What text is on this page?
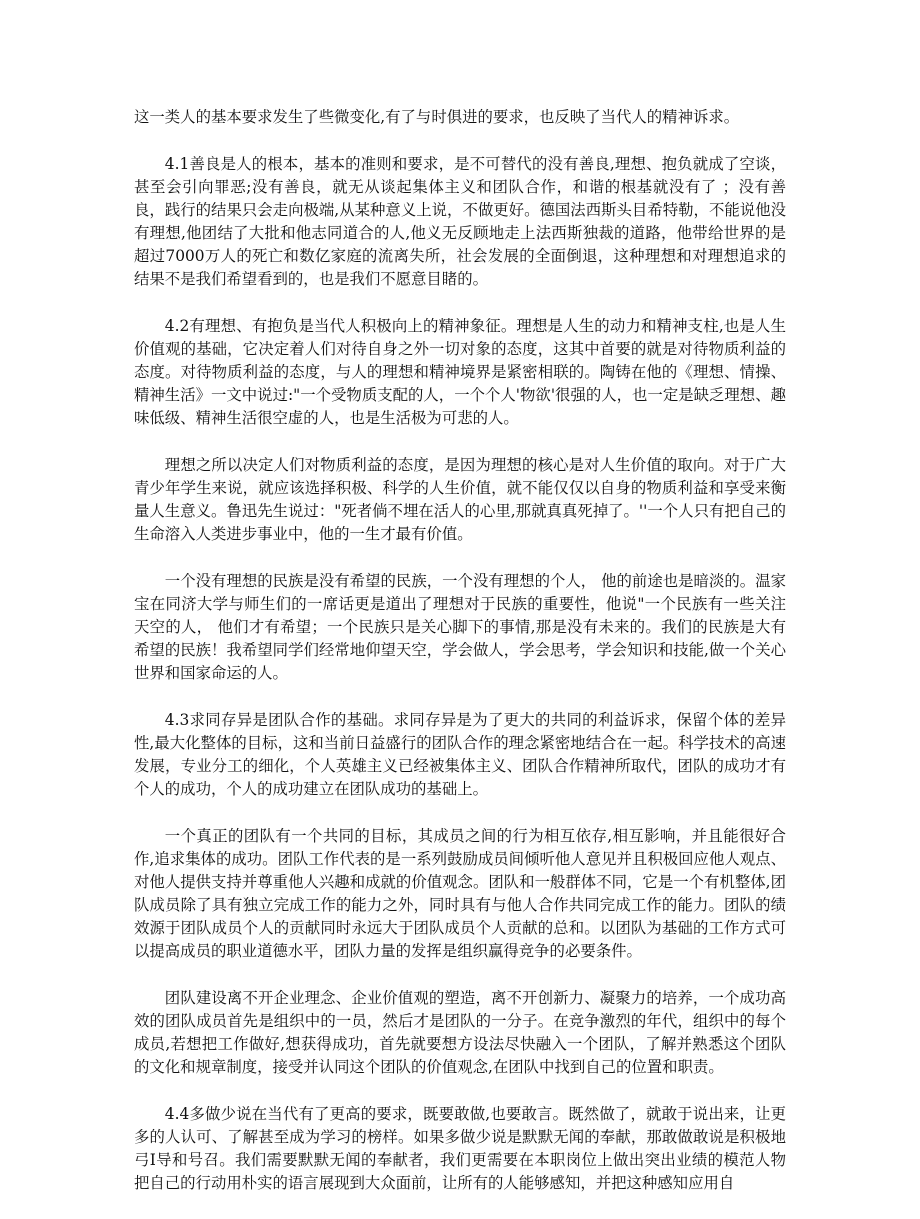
这一类人的基本要求发生了些微变化,有了与时俱进的要求，也反映了当代人的精神诉求。

4.1善良是人的根本，基本的准则和要求，是不可替代的没有善良,理想、抱负就成了空谈，甚至会引向罪恶;没有善良，就无从谈起集体主义和团队合作，和谐的根基就没有了 ；没有善良，践行的结果只会走向极端,从某种意义上说，不做更好。德国法西斯头目希特勒，不能说他没有理想,他团结了大批和他志同道合的人,他义无反顾地走上法西斯独裁的道路，他带给世界的是超过7000万人的死亡和数亿家庭的流离失所，社会发展的全面倒退，这种理想和对理想追求的结果不是我们希望看到的，也是我们不愿意目睹的。

4.2有理想、有抱负是当代人积极向上的精神象征。理想是人生的动力和精神支柱,也是人生价值观的基础，它决定着人们对待自身之外一切对象的态度，这其中首要的就是对待物质利益的态度。对待物质利益的态度，与人的理想和精神境界是紧密相联的。陶铸在他的《理想、情操、精神生活》一文中说过:"一个受物质支配的人，一个个人'物欲'很强的人，也一定是缺乏理想、趣味低级、精神生活很空虚的人，也是生活极为可悲的人。

理想之所以决定人们对物质利益的态度，是因为理想的核心是对人生价值的取向。对于广大青少年学生来说，就应该选择积极、科学的人生价值，就不能仅仅以自身的物质利益和享受来衡量人生意义。鲁迅先生说过："死者倘不埋在活人的心里,那就真真死掉了。''一个人只有把自己的生命溶入人类进步事业中，他的一生才最有价值。

一个没有理想的民族是没有希望的民族，一个没有理想的个人， 他的前途也是暗淡的。温家宝在同济大学与师生们的一席话更是道出了理想对于民族的重要性，他说"一个民族有一些关注天空的人， 他们才有希望；一个民族只是关心脚下的事情,那是没有未来的。我们的民族是大有希望的民族！我希望同学们经常地仰望天空，学会做人，学会思考，学会知识和技能,做一个关心世界和国家命运的人。

4.3求同存异是团队合作的基础。求同存异是为了更大的共同的利益诉求，保留个体的差异性,最大化整体的目标，这和当前日益盛行的团队合作的理念紧密地结合在一起。科学技术的高速发展，专业分工的细化，个人英雄主义已经被集体主义、团队合作精神所取代，团队的成功才有个人的成功，个人的成功建立在团队成功的基础上。

一个真正的团队有一个共同的目标，其成员之间的行为相互依存,相互影响，并且能很好合作,追求集体的成功。团队工作代表的是一系列鼓励成员间倾听他人意见并且积极回应他人观点、对他人提供支持并尊重他人兴趣和成就的价值观念。团队和一般群体不同，它是一个有机整体,团队成员除了具有独立完成工作的能力之外，同时具有与他人合作共同完成工作的能力。团队的绩效源于团队成员个人的贡献同时永远大于团队成员个人贡献的总和。以团队为基础的工作方式可以提高成员的职业道德水平，团队力量的发挥是组织赢得竞争的必要条件。

团队建设离不开企业理念、企业价值观的塑造，离不开创新力、凝聚力的培养，一个成功高效的团队成员首先是组织中的一员，然后才是团队的一分子。在竞争激烈的年代，组织中的每个成员,若想把工作做好,想获得成功，首先就要想方设法尽快融入一个团队，了解并熟悉这个团队的文化和规章制度，接受并认同这个团队的价值观念,在团队中找到自己的位置和职责。

4.4多做少说在当代有了更高的要求，既要敢做,也要敢言。既然做了，就敢于说出来，让更多的人认可、了解甚至成为学习的榜样。如果多做少说是默默无闻的奉献，那敢做敢说是积极地弓I导和号召。我们需要默默无闻的奉献者，我们更需要在本职岗位上做出突出业绩的模范人物把自己的行动用朴实的语言展现到大众面前，让所有的人能够感知，并把这种感知应用自
